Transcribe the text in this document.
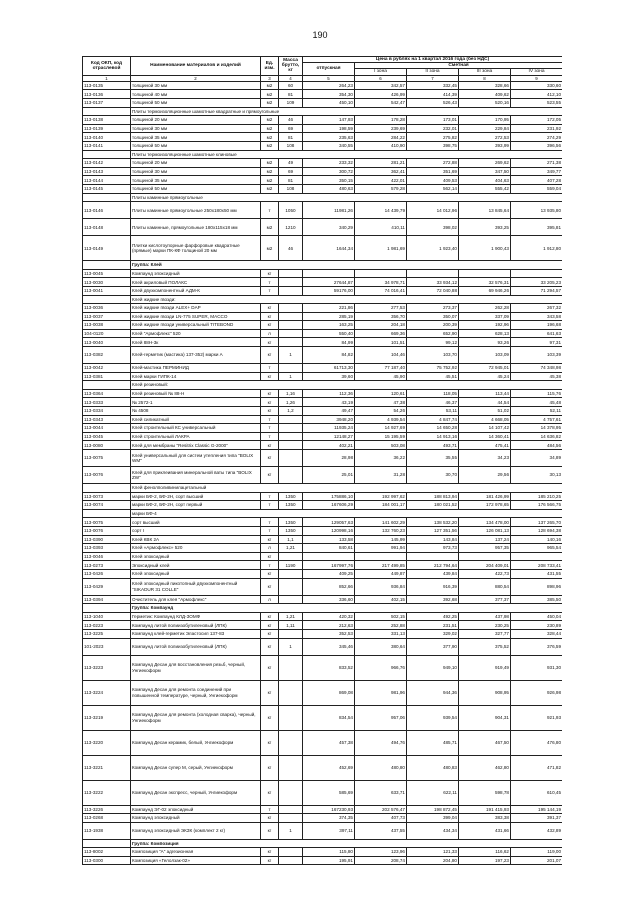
190
Код ОКП, код отраслевой	Наименование материалов и изделий	Ед. изм.	Масса брутто, кг	Цена в рублях на 1 квартал 2016 года (без НДС)				
				отпускная	Сметная			
					I зона	II зона	III зона	IV зона
1	2	3	4	5	6	7	8	9
113-0135	толщиной 30 мм	м2	60	264,23	342,57	332,45	328,66	330,60
113-0136	толщиной 40 мм	м2	81	354,30	426,99	414,39	409,62	412,10
113-0137	толщиной 50 мм	м2	109	450,10	542,47	526,43	520,16	523,55
	Плиты термоизоляционные шамотные квадратные и прямоугольные							
113-0138	толщиной 20 мм	м2	46	147,93	178,28	173,01	170,95	172,05
113-0139	толщиной 30 мм	м2	69	198,59	239,69	232,01	229,84	231,92
113-0140	толщиной 35 мм	м2	81	235,63	284,22	275,82	272,53	274,29
113-0141	толщиной 50 мм	м2	108	340,55	410,90	398,75	393,99	396,56
	Плиты термоизоляционные шамотные клиновые							
113-0142	толщиной 20 мм	м2	49	233,32	281,21	272,88	269,62	271,38
113-0143	толщиной 30 мм	м2	69	300,72	362,41	351,69	347,50	349,77
113-0144	толщиной 35 мм	м2	81	350,15	422,01	409,53	404,63	407,28
113-0145	толщиной 50 мм	м2	108	480,63	579,28	562,14	555,42	559,04
	Плиты каминные прямоугольные							
113-0146	Плиты каминные прямоугольные 250х180х50 мм	т	1050	11981,26	14 439,79	14 012,96	13 845,64	13 935,80
113-0148	Плиты каминные, прямоугольные 180х115х18 мм	м2	1210	340,29	410,11	398,02	393,25	395,81
113-0149	Плитки кислотоупорные фарфоровые квадратные (прямые) марки ПК-КФ толщиной 20 мм	м2	46	1644,34	1 981,69	1 923,40	1 900,43	1 912,80
	Группа: Клей							
113-0045	Компаунд эпоксидный	кг						
113-0030	Клей акриловый ПОЛАКС	т		27644,87	34 978,71	33 934,12	32 576,31	33 205,23
113-0041	Клей двухкомпонентный АДМ-К	т		59176,00	74 016,41	72 040,88	69 946,26	71 294,57
	Клей жидкие гвозди:							
113-0036	Клей жидкие гвозди ALEX+ DAP	кг		221,86	277,53	273,37	262,28	267,32
113-0037	Клей жидкие гвозди LN-775 SUPER, MACCO	кг		285,19	356,70	350,07	337,09	343,58
113-0038	Клей жидкие гвозди универсальный TITEBOND	кг		163,25	204,18	200,39	192,96	196,68
104-0120	Клей "Армофлекс" 520	л		550,40	669,36	652,90	628,13	641,63
113-0040	Клей 88Н-3к	кг		84,99	101,51	99,12	93,26	97,31
113-0382	Клей-герметик (мастика) 137-352) марки А	кг	1	84,82	104,46	103,70	103,09	103,39
113-0042	Клей-мастика ПЕРМИНИД	т		61713,30	77 187,40	75 752,92	72 945,01	74 348,98
113-0381	Клей марки ГИПК-14	кг	1	39,60	45,90	45,51	45,24	45,38
	Клей резиновый:							
113-0364	Клей резиновый № 88-Н	кг	1,16	112,36	120,61	118,05	113,44	115,76
113-0333	№ 2572-1	кг	1,26	43,19	47,38	46,37	44,54	45,48
113-0334	№ 4508	кг	1,2	49,47	54,26	53,11	51,02	52,11
113-0343	Клей силикатный	т		3948,20	4 939,54	4 847,74	4 668,05	4 757,61
113-0044	Клей строительный КС универсальный	т		11935,24	14 927,69	14 650,28	14 107,42	14 378,95
113-0045	Клей строительный ЛАКРА	т		12148,27	15 195,59	14 913,16	14 360,41	14 636,82
113-0080	Клей для мембраны "Resitrix Classic G-2000"	кг		402,21	503,08	493,71	475,41	484,56
113-0075	Клей универсальный для систем утепления типа "BOLIX WM"	кг		28,98	36,22	35,55	34,23	34,89
113-0076	Клей для приклеивания минеральной ваты типа "BOLIX ZW"	кг		25,01	31,28	30,70	29,56	30,13
	Клей фенолполивинилацетальный							
113-0073	марки БФ-2, БФ-2Н, сорт высший	т	1350	175886,10	192 997,62	188 813,94	181 426,99	185 210,25
113-0074	марки БФ-2, БФ-2Н, сорт первый	т	1350	167606,29	184 001,17	180 021,52	172 978,65	176 566,75
	марки БФ-4							
113-0075	сорт высший	т	1350	129057,63	141 602,29	138 532,20	134 478,00	137 265,70
113-0076	сорт I	т	1350	120998,16	132 760,23	127 351,56	126 081,13	128 694,38
113-0390	Клей КВК 2А	кг	1,1	133,58	145,99	143,84	137,24	140,16
113-0393	Клей «Армофлекс» 520	л	1,21	840,61	991,94	973,73	957,35	965,54
113-0046	Клей эпоксидный	кг						
113-0273	Эпоксидный клей	т	1190	167997,76	217 499,85	212 794,64	204 409,01	208 733,41
113-0426	Клей эпоксидный	кг		409,25	449,87	439,84	422,73	431,55
113-0429	Клей эпоксидный пикотопный двухкомпонентный "SIKADUR 31 COLLE"	кг		852,66	936,84	916,39	880,54	898,96
113-0394	Очиститель для клея "Армофлекс"	л		336,60	402,15	392,68	377,37	385,50
	Группа: Компаунд							
113-1040	Герметик: Компаунд КЛД-ЗОМФ	кг	1,21	420,32	502,15	492,25	437,98	450,04
113-0223	Компаунд литой полиизобутиленовый (ЛПК)	кг	1,11	212,63	252,88	231,51	230,25	230,89
113-3225	Компаунд клей-герметик Эластосил 137-83	кг		352,53	331,13	329,02	327,77	328,44
101-2023	Компаунд литой полиизобутиленовый (ЛПК)	кг	1	345,46	380,64	377,90	375,52	376,59
113-3223	Компаунд Десан для восстановления резьб, черный, Унгиекоформ	кг		833,52	966,76	949,10	919,49	931,30
113-3224	Компаунд Десан для ремонта соединений при повышенной температуре, черный, Унгиекоформ	кг		869,08	981,96	944,36	908,95	926,98
113-3219	Компаунд Десан для ремонта (холодная сварка), черный, Унгиекоформ	кг		834,54	957,06	939,54	904,31	921,93
113-3220	Компаунд Десан керамик, белый, Унгиекоформ	кг		457,38	494,76	485,71	467,50	476,80
113-3221	Компаунд Десан супер М, серый, Унгиекоформ	кг		452,69	480,80	480,83	462,80	471,82
113-3222	Компаунд Десан экспресс, черный, Унгиекоформ	кг		585,69	633,71	622,11	598,78	610,45
113-3226	Компаунд ЭГ-02 эпоксидный	т		167230,93	202 576,47	198 872,45	191 415,93	195 144,19
113-0268	Компаунд эпоксидный	кг		374,35	407,73	399,04	383,38	391,37
113-1938	Компаунд эпоксидный ЭКЗК (комплект 2 кг)	кг	1	397,11	437,55	434,34	431,66	432,89
	Группа: Композиция							
113-8002	Композиция "А" адгезионная	кг		115,80	123,96	121,33	116,62	119,00
113-0300	Композиция «Гелолзак-02»	кг		195,91	208,74	204,80	197,23	201,07
